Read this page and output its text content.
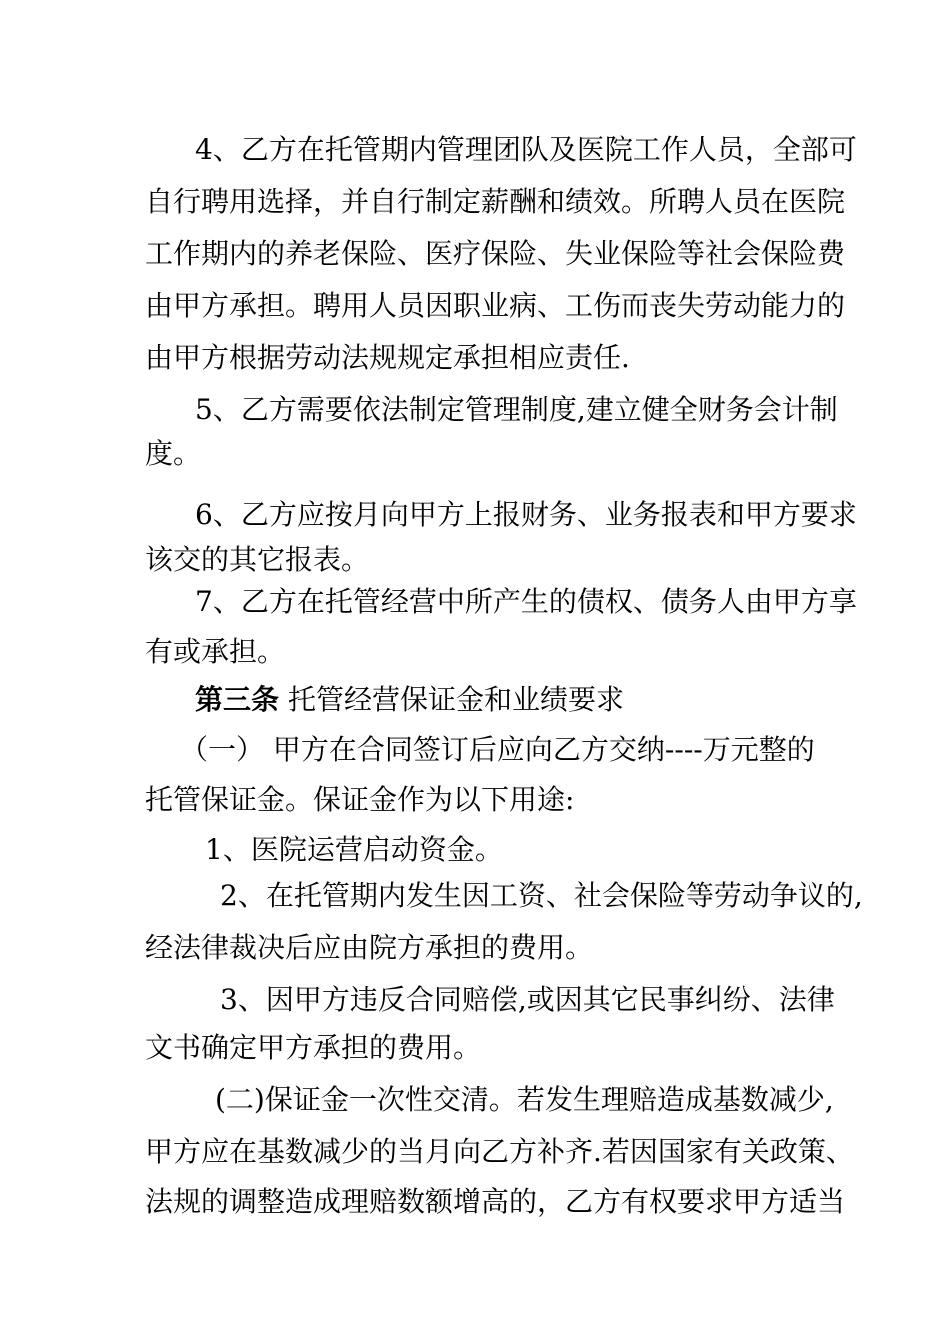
4、乙方在托管期内管理团队及医院工作人员，全部可
自行聘用选择，并自行制定薪酬和绩效。所聘人员在医院
工作期内的养老保险、医疗保险、失业保险等社会保险费
由甲方承担。聘用人员因职业病、工伤而丧失劳动能力的
由甲方根据劳动法规规定承担相应责任.
5、乙方需要依法制定管理制度,建立健全财务会计制
度。
6、乙方应按月向甲方上报财务、业务报表和甲方要求
该交的其它报表。
7、乙方在托管经营中所产生的债权、债务人由甲方享
有或承担。
第三条 托管经营保证金和业绩要求
（一） 甲方在合同签订后应向乙方交纳----万元整的
托管保证金。保证金作为以下用途:
1、医院运营启动资金。
2、在托管期内发生因工资、社会保险等劳动争议的,
经法律裁决后应由院方承担的费用。
3、因甲方违反合同赔偿,或因其它民事纠纷、法律
文书确定甲方承担的费用。
(二)保证金一次性交清。若发生理赔造成基数减少,
甲方应在基数减少的当月向乙方补齐.若因国家有关政策、
法规的调整造成理赔数额增高的，乙方有权要求甲方适当
